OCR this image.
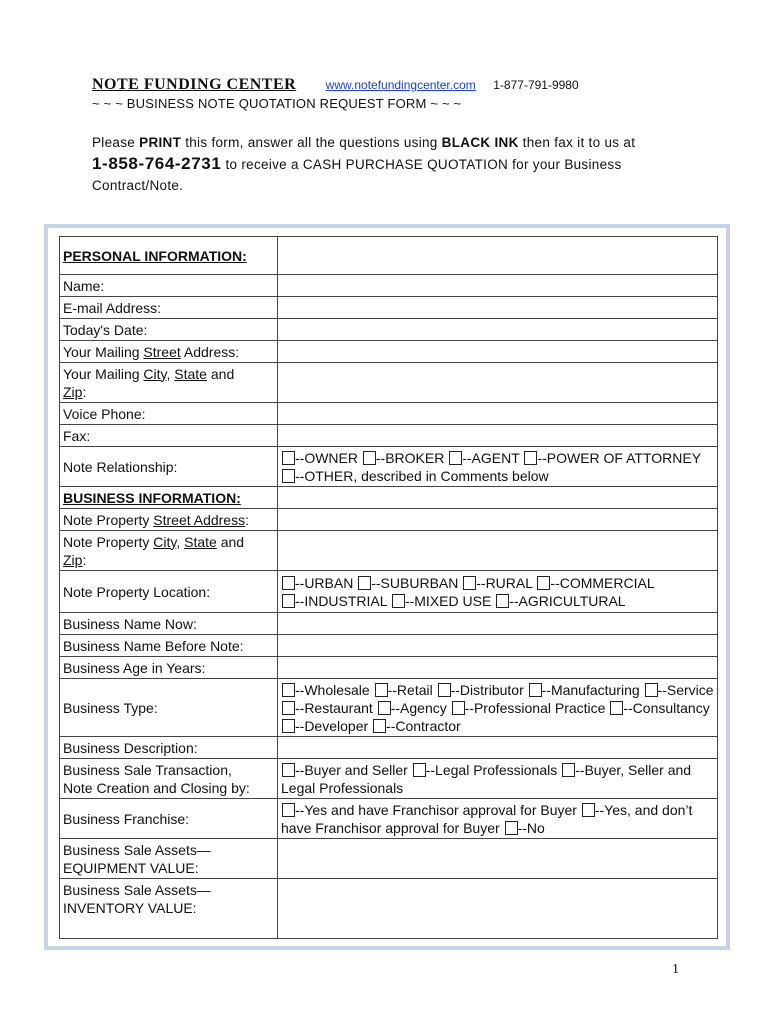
NOTE FUNDING CENTER www.notefundingcenter.com 1-877-791-9980
~ ~ ~ BUSINESS NOTE QUOTATION REQUEST FORM ~ ~ ~
Please PRINT this form, answer all the questions using BLACK INK then fax it to us at
1-858-764-2731 to receive a CASH PURCHASE QUOTATION for your Business Contract/Note.
PERSONAL INFORMATION:	
Name:	
E-mail Address:	
Today's Date:	
Your Mailing Street Address:	
Your Mailing City, State and
Zip:	
Voice Phone:	
Fax:	
Note Relationship:	--OWNER --BROKER --AGENT --POWER OF ATTORNEY --OTHER, described in Comments below
BUSINESS INFORMATION:	
Note Property Street Address:	
Note Property City, State and
Zip:	
Note Property Location:	--URBAN --SUBURBAN --RURAL --COMMERCIAL --INDUSTRIAL --MIXED USE --AGRICULTURAL
Business Name Now:	
Business Name Before Note:	
Business Age in Years:	
Business Type:	--Wholesale --Retail --Distributor --Manufacturing --Service --Restaurant --Agency --Professional Practice --Consultancy --Developer --Contractor
Business Description:	
Business Sale Transaction,
Note Creation and Closing by:	--Buyer and Seller --Legal Professionals --Buyer, Seller and Legal Professionals
Business Franchise:	--Yes and have Franchisor approval for Buyer --Yes, and don’t have Franchisor approval for Buyer --No
Business Sale Assets—
EQUIPMENT VALUE:	
Business Sale Assets—
INVENTORY VALUE:	
1
